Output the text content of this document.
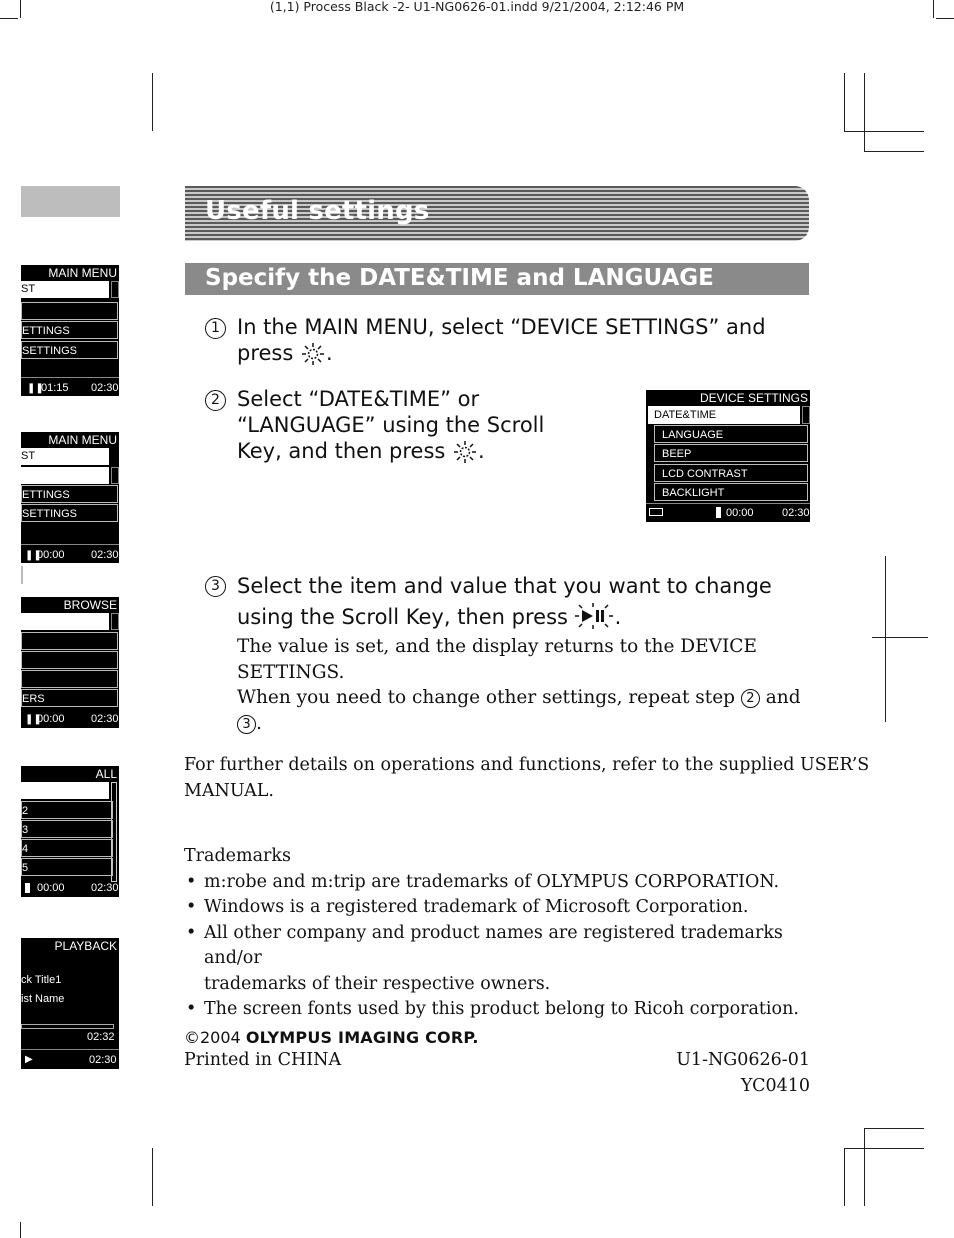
(1,1) Process Black -2- U1-NG0626-01.indd 9/21/2004, 2:12:46 PM
MAIN MENU
ST
ETTINGS
SETTINGS
❚❚
01:15 02:30
MAIN MENU
ST
ETTINGS
SETTINGS
❚❚
00:00 02:30
BROWSE
ERS
❚❚
00:00 02:30
ALL
2
3
4
5
00:00 02:30
PLAYBACK
ck Title1
ist Name
02:32
▶	02:30
Useful settings
Specify the DATE&TIME and LANGUAGE
1 In the MAIN MENU, select “DEVICE SETTINGS” and
press .
2 Select “DATE&TIME” or
“LANGUAGE” using the Scroll
Key, and then press .
DEVICE SETTINGS
DATE&TIME
LANGUAGE
BEEP
LCD CONTRAST
BACKLIGHT
00:00	02:30
3 Select the item and value that you want to change
using the Scroll Key, then press .
The value is set, and the display returns to the DEVICE
SETTINGS.
When you need to change other settings, repeat step 2 and
3 .
For further details on operations and functions, refer to the supplied USER’S
MANUAL.
Trademarks
• m:robe and m:trip are trademarks of OLYMPUS CORPORATION.
• Windows is a registered trademark of Microsoft Corporation.
• All other company and product names are registered trademarks and/or
trademarks of their respective owners.
• The screen fonts used by this product belong to Ricoh corporation.
©2004 OLYMPUS IMAGING CORP.
Printed in CHINA	U1-NG0626-01
YC0410
